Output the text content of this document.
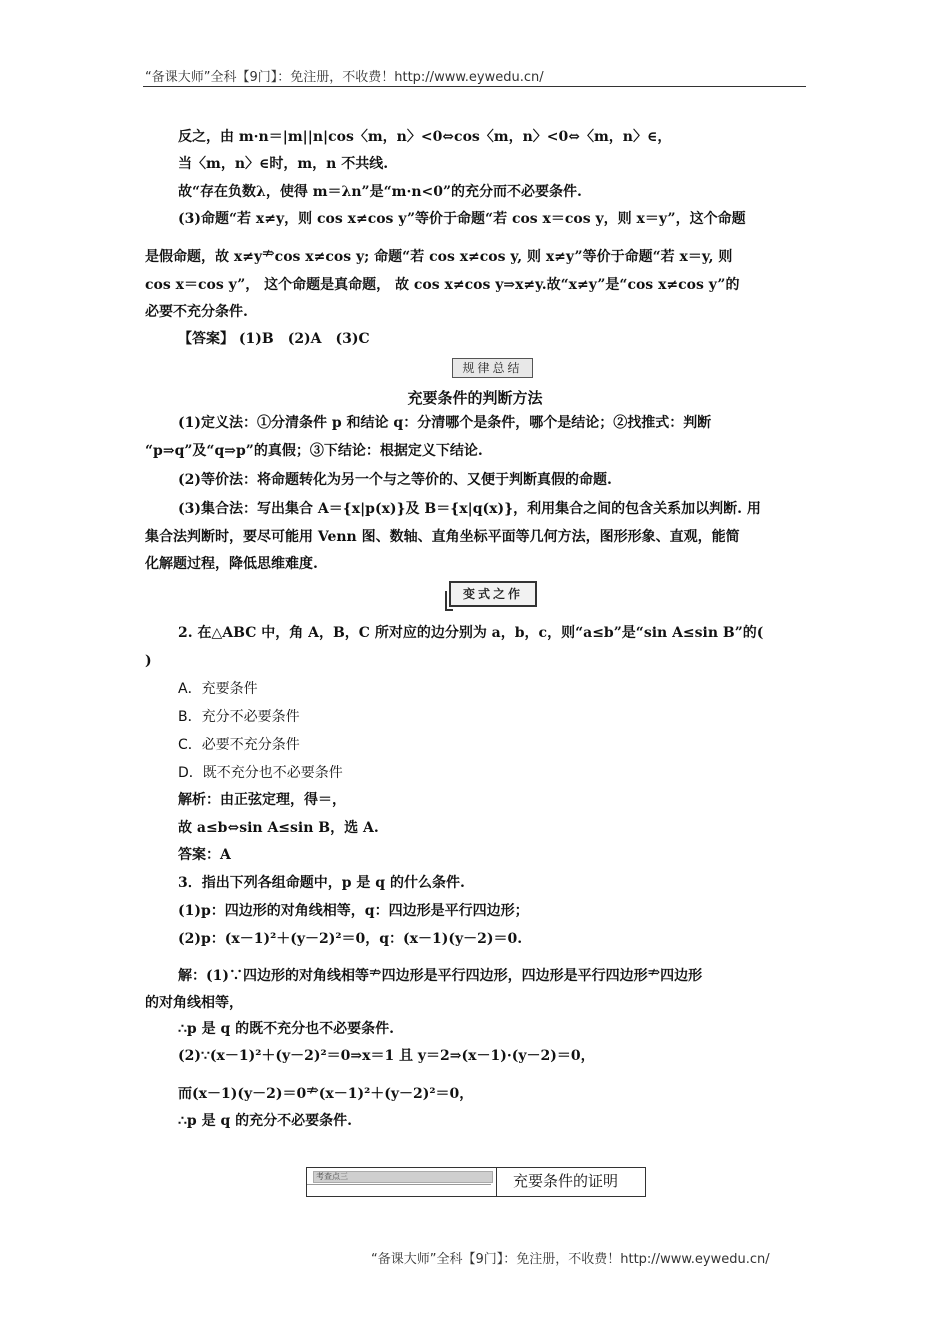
“备课大师”全科【9门】：免注册，不收费！http://www.eywedu.cn/
反之，由 m·n＝|m||n|cos〈m，n〉<0⇔cos〈m，n〉<0⇔〈m，n〉∈，
当〈m，n〉∈时，m，n 不共线.
故“存在负数λ，使得 m＝λn”是“m·n<0”的充分而不必要条件.
(3)命题“若 x≠y，则 cos x≠cos y”等价于命题“若 cos x＝cos y，则 x＝y”，这个命题
是假命题，故 x≠y⇏cos x≠cos y; 命题“若 cos x≠cos y, 则 x≠y”等价于命题“若 x＝y, 则
cos x＝cos y”， 这个命题是真命题， 故 cos x≠cos y⇒x≠y.故“x≠y”是“cos x≠cos y”的
必要不充分条件.
【答案】 (1)B　(2)A　(3)C
规律总结
充要条件的判断方法
(1)定义法：①分清条件 p 和结论 q：分清哪个是条件，哪个是结论；②找推式：判断
“p⇒q”及“q⇒p”的真假；③下结论：根据定义下结论.
(2)等价法：将命题转化为另一个与之等价的、又便于判断真假的命题.
(3)集合法：写出集合 A＝{x|p(x)}及 B＝{x|q(x)}，利用集合之间的包含关系加以判断. 用
集合法判断时，要尽可能用 Venn 图、数轴、直角坐标平面等几何方法，图形形象、直观，能简
化解题过程，降低思维难度.
变式之作
2. 在△ABC 中，角 A，B，C 所对应的边分别为 a，b，c，则“a≤b”是“sin A≤sin B”的(
)
A．充要条件
B．充分不必要条件
C．必要不充分条件
D．既不充分也不必要条件
解析：由正弦定理，得＝，
故 a≤b⇔sin A≤sin B，选 A.
答案：A
3．指出下列各组命题中，p 是 q 的什么条件.
(1)p：四边形的对角线相等，q：四边形是平行四边形；
(2)p：(x－1)²＋(y－2)²＝0，q：(x－1)(y－2)＝0.
解：(1)∵四边形的对角线相等⇏四边形是平行四边形，四边形是平行四边形⇏四边形
的对角线相等，
∴p 是 q 的既不充分也不必要条件.
(2)∵(x－1)²＋(y－2)²＝0⇒x＝1 且 y＝2⇒(x－1)·(y－2)＝0，
而(x－1)(y－2)＝0⇏(x－1)²＋(y－2)²＝0，
∴p 是 q 的充分不必要条件.
考查点三	充要条件的证明
“备课大师”全科【9门】：免注册，不收费！http://www.eywedu.cn/
